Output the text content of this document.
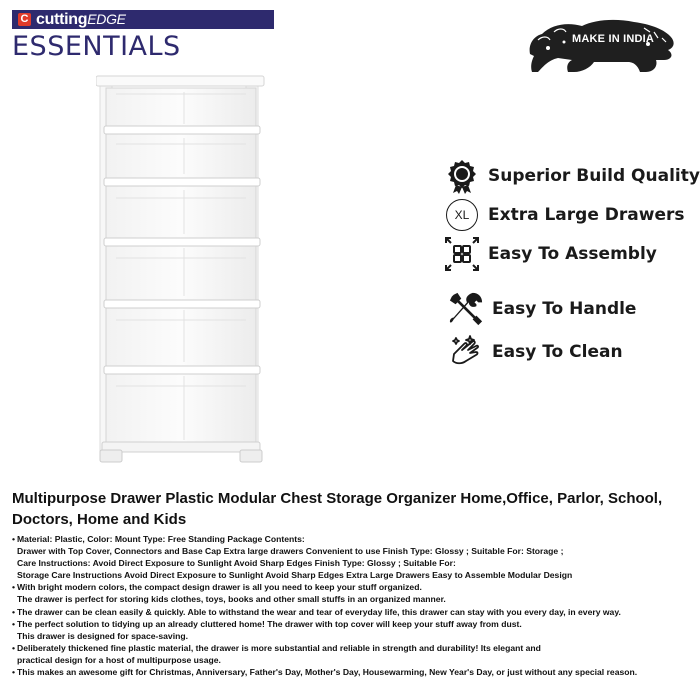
C cuttingEDGE
ESSENTIALS	MAKE IN INDIA
Superior Build Quality
XL	Extra Large Drawers
Easy To Assembly
Easy To Handle
Easy To Clean
Multipurpose Drawer Plastic Modular Chest Storage Organizer Home,Office, Parlor, School, Doctors, Home and Kids
• Material: Plastic, Color: Mount Type: Free Standing Package Contents:
Drawer with Top Cover, Connectors and Base Cap Extra large drawers Convenient to use Finish Type: Glossy ; Suitable For: Storage ;
Care Instructions: Avoid Direct Exposure to Sunlight Avoid Sharp Edges Finish Type: Glossy ; Suitable For:
Storage Care Instructions Avoid Direct Exposure to Sunlight Avoid Sharp Edges Extra Large Drawers Easy to Assemble Modular Design
• With bright modern colors, the compact design drawer is all you need to keep your stuff organized.
The drawer is perfect for storing kids clothes, toys, books and other small stuffs in an organized manner.
• The drawer can be clean easily & quickly. Able to withstand the wear and tear of everyday life, this drawer can stay with you every day, in every way.
• The perfect solution to tidying up an already cluttered home! The drawer with top cover will keep your stuff away from dust.
This drawer is designed for space-saving.
• Deliberately thickened fine plastic material, the drawer is more substantial and reliable in strength and durability! Its elegant and
practical design for a host of multipurpose usage.
• This makes an awesome gift for Christmas, Anniversary, Father's Day, Mother's Day, Housewarming, New Year's Day, or just without any special reason.
